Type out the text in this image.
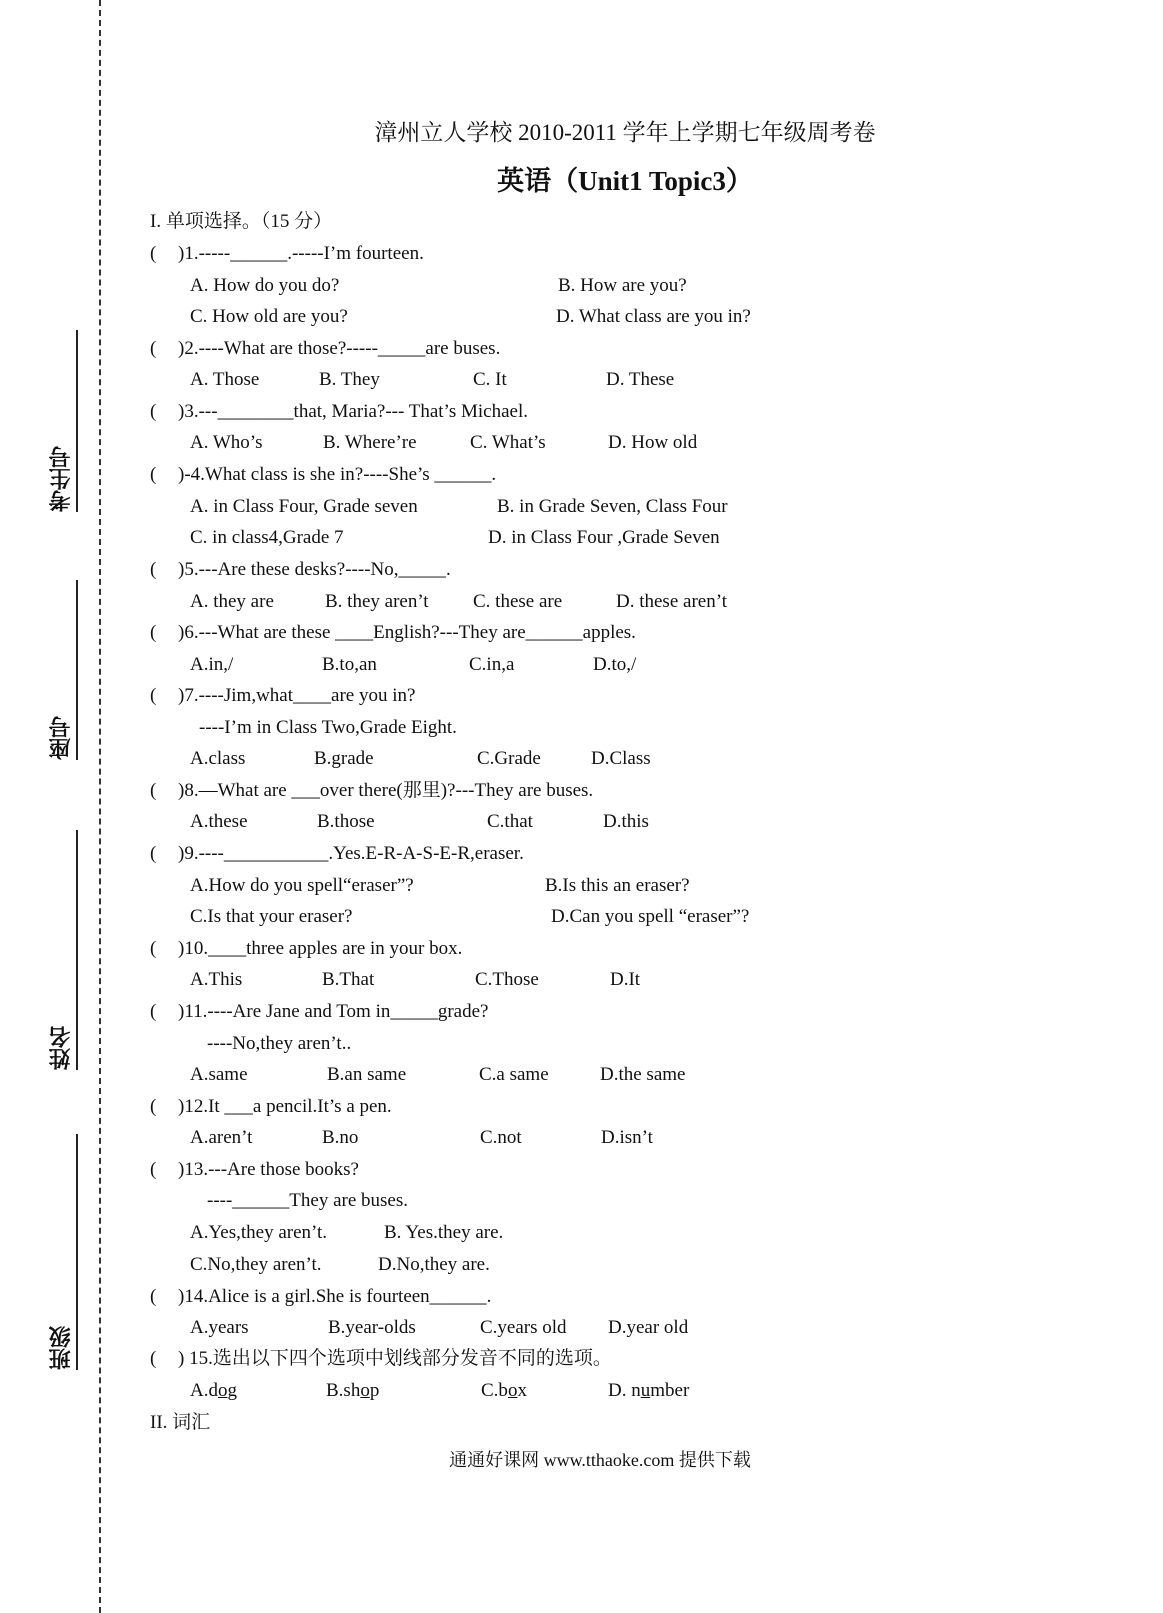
考生号
座号
姓名
班级
漳州立人学校 2010-2011 学年上学期七年级周考卷
英语（Unit1 Topic3）
I. 单项选择。（15 分）
( )1.-----______.-----I’m fourteen.
A. How do you do?	B. How are you?
C. How old are you?	D. What class are you in?
( )2.----What are those?-----_____are buses.
A. Those	B. They	C. It	D. These
( )3.---________that, Maria?--- That’s Michael.
A. Who’s	B. Where’re	C. What’s	D. How old
( )-4.What class is she in?----She’s ______.
A. in Class Four, Grade seven	B. in Grade Seven, Class Four
C. in class4,Grade 7	D. in Class Four ,Grade Seven
( )5.---Are these desks?----No,_____.
A. they are	B. they aren’t C. these are	D. these aren’t
( )6.---What are these ____English?---They are______apples.
A.in,/	B.to,an	C.in,a	D.to,/
( )7.----Jim,what____are you in?
----I’m in Class Two,Grade Eight.
A.class	B.grade	C.Grade	D.Class
( )8.—What are ___over there(那里)?---They are buses.
A.these	B.those	C.that	D.this
( )9.----___________.Yes.E-R-A-S-E-R,eraser.
A.How do you spell“eraser”?	B.Is this an eraser?
C.Is that your eraser?	D.Can you spell “eraser”?
( )10.____three apples are in your box.
A.This	B.That	C.Those	D.It
( )11.----Are Jane and Tom in_____grade?
----No,they aren’t..
A.same	B.an same	C.a same	D.the same
( )12.It ___a pencil.It’s a pen.
A.aren’t	B.no	C.not	D.isn’t
( )13.---Are those books?
----______They are buses.
A.Yes,they aren’t.	B. Yes.they are.
C.No,they aren’t.	D.No,they are.
( )14.Alice is a girl.She is fourteen______.
A.years	B.year-olds	C.years old D.year old
( ) 15.选出以下四个选项中划线部分发音不同的选项。
A.dog	B.shop	C.box	D. number
II. 词汇
通通好课网 www.tthaoke.com 提供下载
